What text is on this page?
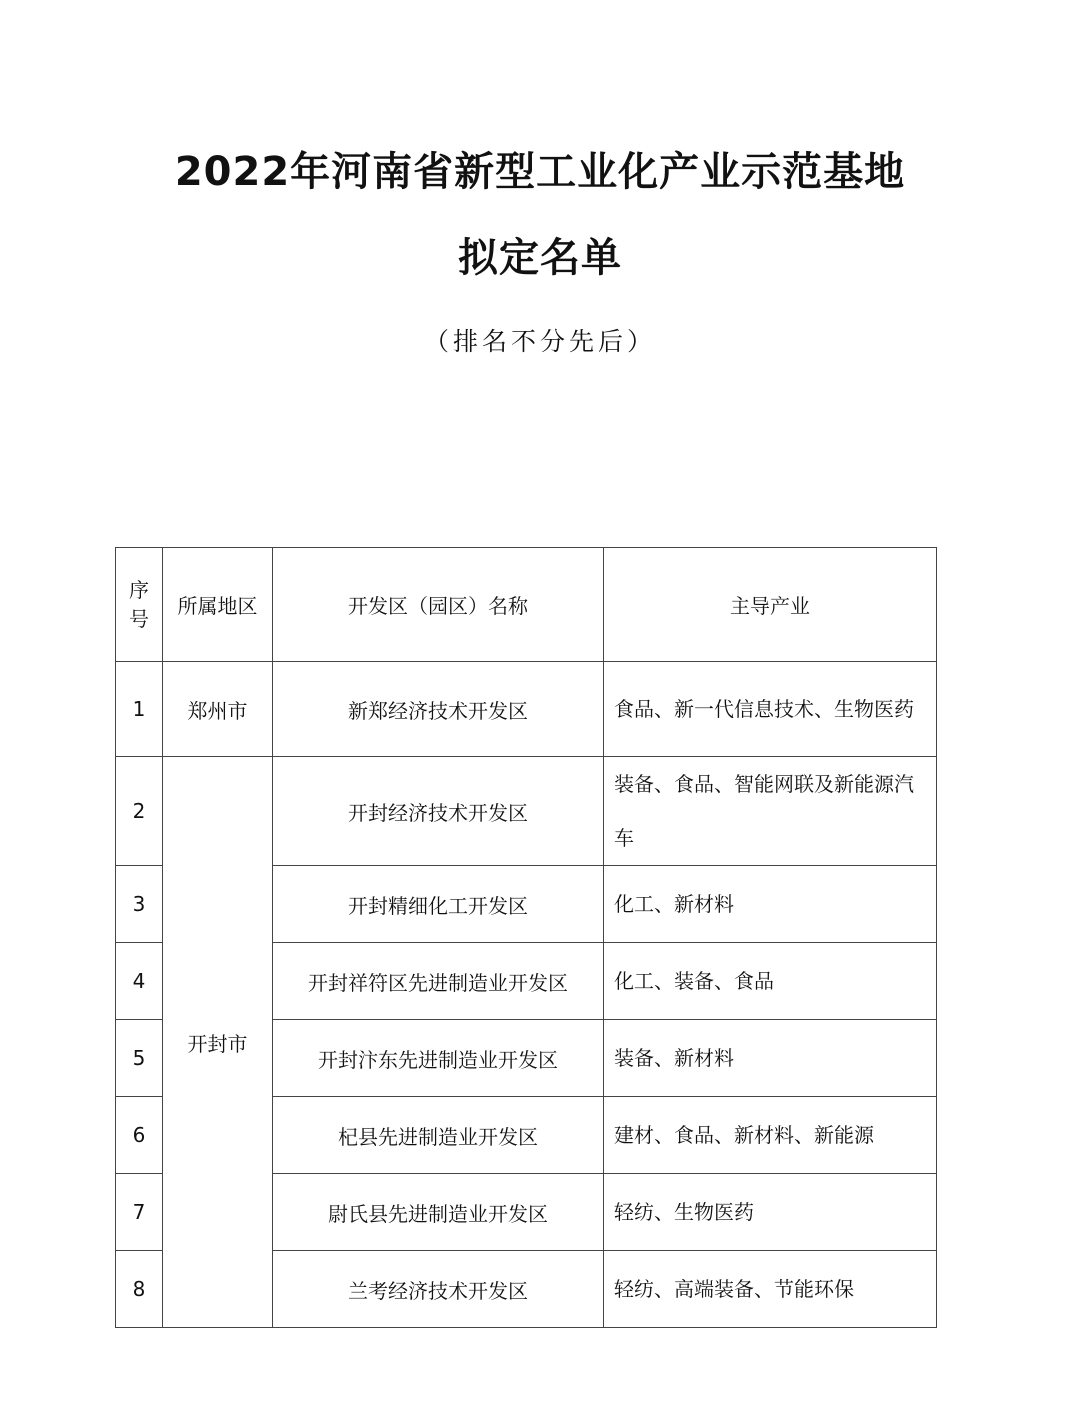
2022年河南省新型工业化产业示范基地
拟定名单
（排名不分先后）
序号	所属地区	开发区（园区）名称	主导产业
1	郑州市	新郑经济技术开发区	食品、新一代信息技术、生物医药
2	开封市	开封经济技术开发区	装备、食品、智能网联及新能源汽车
3		开封精细化工开发区	化工、新材料
4		开封祥符区先进制造业开发区	化工、装备、食品
5		开封汴东先进制造业开发区	装备、新材料
6		杞县先进制造业开发区	建材、食品、新材料、新能源
7		尉氏县先进制造业开发区	轻纺、生物医药
8		兰考经济技术开发区	轻纺、高端装备、节能环保
